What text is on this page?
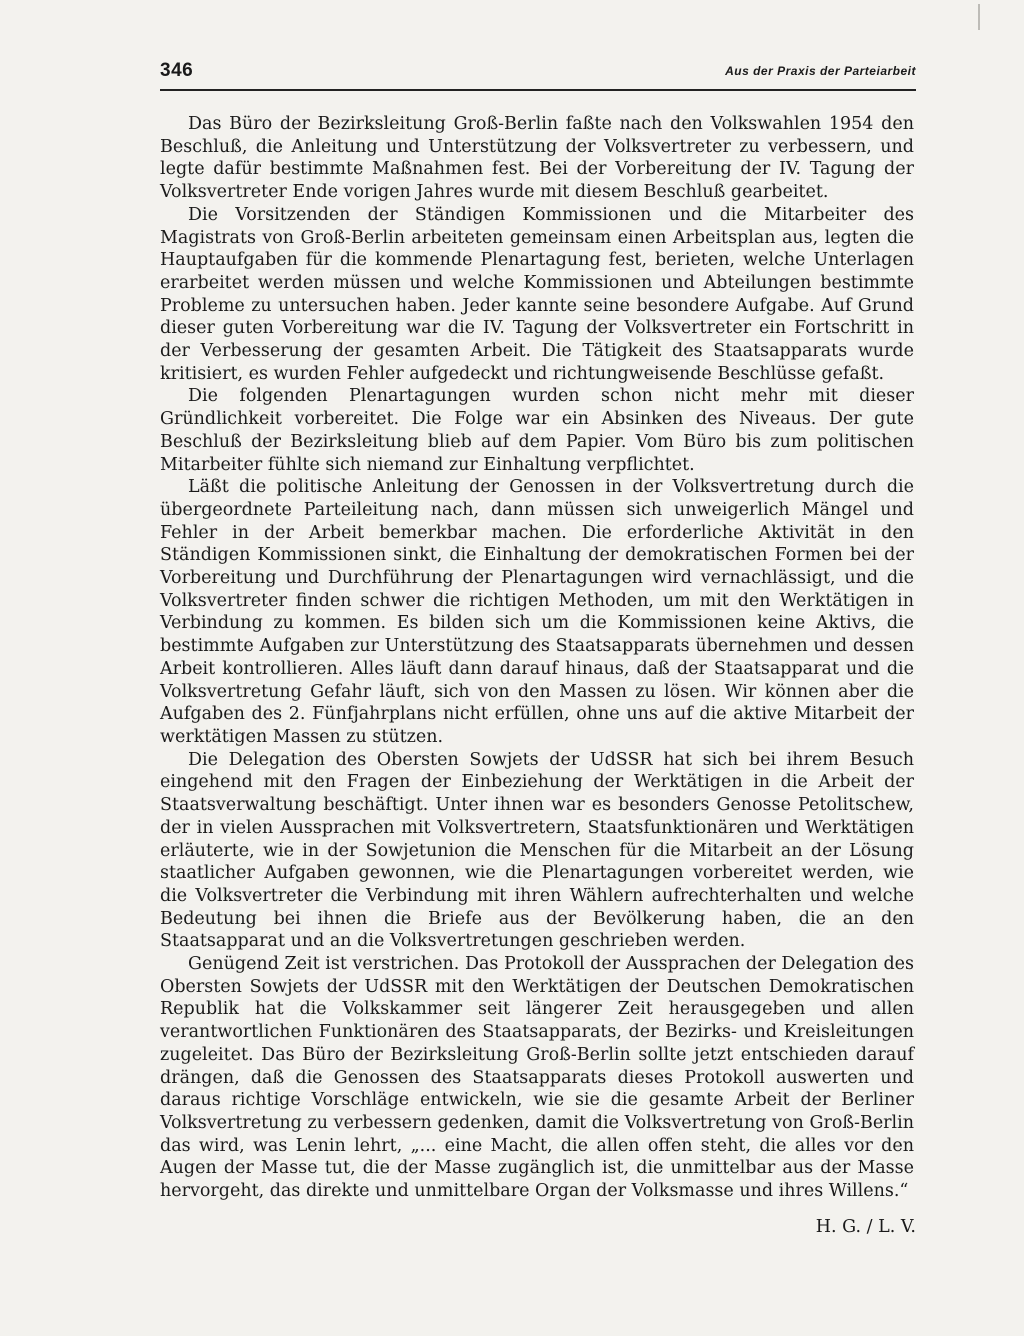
346	Aus der Praxis der Parteiarbeit

Das Büro der Bezirksleitung Groß-Berlin faßte nach den Volkswahlen 1954 den Beschluß, die Anleitung und Unterstützung der Volksvertreter zu verbessern, und legte dafür bestimmte Maßnahmen fest. Bei der Vorbereitung der IV. Tagung der Volksvertreter Ende vorigen Jahres wurde mit diesem Beschluß gearbeitet.

Die Vorsitzenden der Ständigen Kommissionen und die Mitarbeiter des Magistrats von Groß-Berlin arbeiteten gemeinsam einen Arbeitsplan aus, legten die Hauptaufgaben für die kommende Plenartagung fest, berieten, welche Unterlagen erarbeitet werden müssen und welche Kommissionen und Abteilungen bestimmte Probleme zu untersuchen haben. Jeder kannte seine besondere Aufgabe. Auf Grund dieser guten Vorbereitung war die IV. Tagung der Volksvertreter ein Fortschritt in der Verbesserung der gesamten Arbeit. Die Tätigkeit des Staatsapparats wurde kritisiert, es wurden Fehler aufgedeckt und richtungweisende Beschlüsse gefaßt.

Die folgenden Plenartagungen wurden schon nicht mehr mit dieser Gründlichkeit vorbereitet. Die Folge war ein Absinken des Niveaus. Der gute Beschluß der Bezirksleitung blieb auf dem Papier. Vom Büro bis zum politischen Mitarbeiter fühlte sich niemand zur Einhaltung verpflichtet.

Läßt die politische Anleitung der Genossen in der Volksvertretung durch die übergeordnete Parteileitung nach, dann müssen sich unweigerlich Mängel und Fehler in der Arbeit bemerkbar machen. Die erforderliche Aktivität in den Ständigen Kommissionen sinkt, die Einhaltung der demokratischen Formen bei der Vorbereitung und Durchführung der Plenartagungen wird vernachlässigt, und die Volksvertreter finden schwer die richtigen Methoden, um mit den Werktätigen in Verbindung zu kommen. Es bilden sich um die Kommissionen keine Aktivs, die bestimmte Aufgaben zur Unterstützung des Staatsapparats übernehmen und dessen Arbeit kontrollieren. Alles läuft dann darauf hinaus, daß der Staatsapparat und die Volksvertretung Gefahr läuft, sich von den Massen zu lösen. Wir können aber die Aufgaben des 2. Fünfjahrplans nicht erfüllen, ohne uns auf die aktive Mitarbeit der werktätigen Massen zu stützen.

Die Delegation des Obersten Sowjets der UdSSR hat sich bei ihrem Besuch eingehend mit den Fragen der Einbeziehung der Werktätigen in die Arbeit der Staatsverwaltung beschäftigt. Unter ihnen war es besonders Genosse Petolitschew, der in vielen Aussprachen mit Volksvertretern, Staatsfunktionären und Werktätigen erläuterte, wie in der Sowjetunion die Menschen für die Mitarbeit an der Lösung staatlicher Aufgaben gewonnen, wie die Plenartagungen vorbereitet werden, wie die Volksvertreter die Verbindung mit ihren Wählern aufrechterhalten und welche Bedeutung bei ihnen die Briefe aus der Bevölkerung haben, die an den Staatsapparat und an die Volksvertretungen geschrieben werden.

Genügend Zeit ist verstrichen. Das Protokoll der Aussprachen der Delegation des Obersten Sowjets der UdSSR mit den Werktätigen der Deutschen Demokratischen Republik hat die Volkskammer seit längerer Zeit herausgegeben und allen verantwortlichen Funktionären des Staatsapparats, der Bezirks- und Kreisleitungen zugeleitet. Das Büro der Bezirksleitung Groß-Berlin sollte jetzt entschieden darauf drängen, daß die Genossen des Staatsapparats dieses Protokoll auswerten und daraus richtige Vorschläge entwickeln, wie sie die gesamte Arbeit der Berliner Volksvertretung zu verbessern gedenken, damit die Volksvertretung von Groß-Berlin das wird, was Lenin lehrt, „... eine Macht, die allen offen steht, die alles vor den Augen der Masse tut, die der Masse zugänglich ist, die unmittelbar aus der Masse hervorgeht, das direkte und unmittelbare Organ der Volksmasse und ihres Willens.“

H. G. / L. V.
